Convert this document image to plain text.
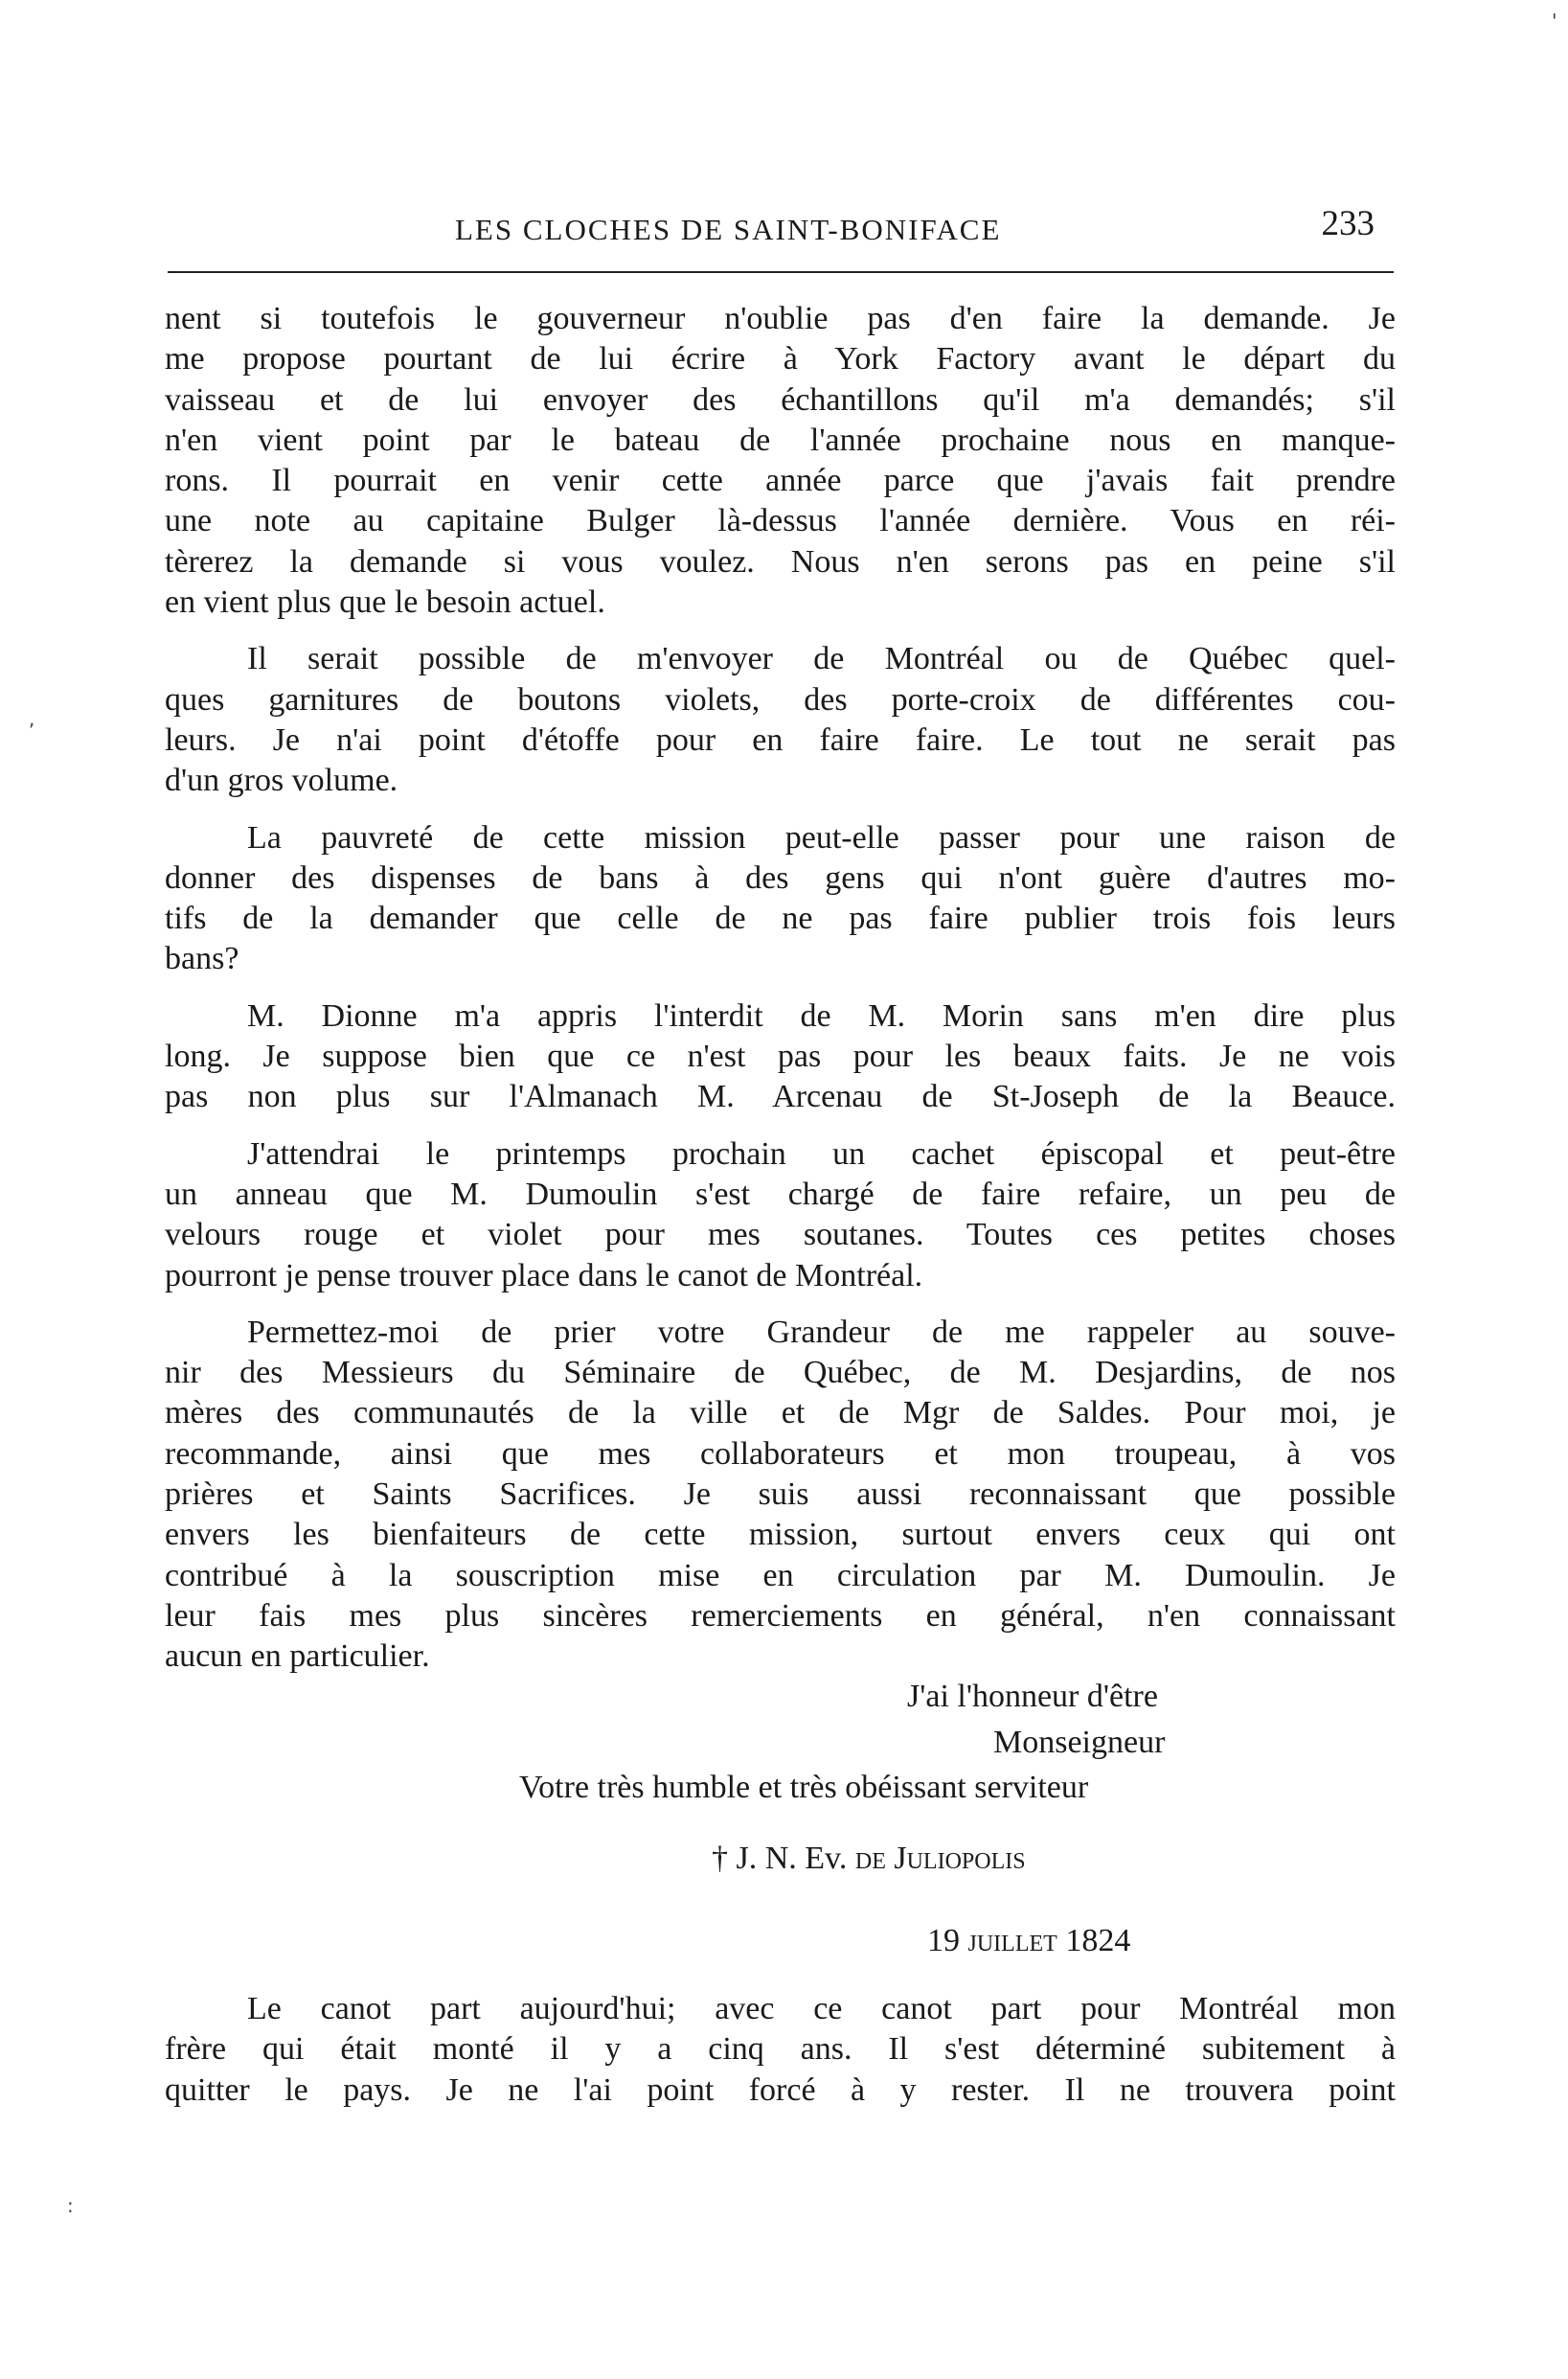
LES CLOCHES DE SAINT-BONIFACE	233
nent si toutefois le gouverneur n'oublie pas d'en faire la demande. Je
me propose pourtant de lui écrire à York Factory avant le départ du
vaisseau et de lui envoyer des échantillons qu'il m'a demandés; s'il
n'en vient point par le bateau de l'année prochaine nous en manque-
rons. Il pourrait en venir cette année parce que j'avais fait prendre
une note au capitaine Bulger là-dessus l'année dernière. Vous en réi-
tèrerez la demande si vous voulez. Nous n'en serons pas en peine s'il
en vient plus que le besoin actuel.
Il serait possible de m'envoyer de Montréal ou de Québec quel-
ques garnitures de boutons violets, des porte-croix de différentes cou-
leurs. Je n'ai point d'étoffe pour en faire faire. Le tout ne serait pas
d'un gros volume.
La pauvreté de cette mission peut-elle passer pour une raison de
donner des dispenses de bans à des gens qui n'ont guère d'autres mo-
tifs de la demander que celle de ne pas faire publier trois fois leurs
bans?
M. Dionne m'a appris l'interdit de M. Morin sans m'en dire plus
long. Je suppose bien que ce n'est pas pour les beaux faits. Je ne vois
pas non plus sur l'Almanach M. Arcenau de St-Joseph de la Beauce.
J'attendrai le printemps prochain un cachet épiscopal et peut-être
un anneau que M. Dumoulin s'est chargé de faire refaire, un peu de
velours rouge et violet pour mes soutanes. Toutes ces petites choses
pourront je pense trouver place dans le canot de Montréal.
Permettez-moi de prier votre Grandeur de me rappeler au souve-
nir des Messieurs du Séminaire de Québec, de M. Desjardins, de nos
mères des communautés de la ville et de Mgr de Saldes. Pour moi, je
recommande, ainsi que mes collaborateurs et mon troupeau, à vos
prières et Saints Sacrifices. Je suis aussi reconnaissant que possible
envers les bienfaiteurs de cette mission, surtout envers ceux qui ont
contribué à la souscription mise en circulation par M. Dumoulin. Je
leur fais mes plus sincères remerciements en général, n'en connaissant
aucun en particulier.
J'ai l'honneur d'être
Monseigneur
Votre très humble et très obéissant serviteur
† J. N. Ev. de Juliopolis
19 juillet 1824
Le canot part aujourd'hui; avec ce canot part pour Montréal mon
frère qui était monté il y a cinq ans. Il s'est déterminé subitement à
quitter le pays. Je ne l'ai point forcé à y rester. Il ne trouvera point
'
,
:
